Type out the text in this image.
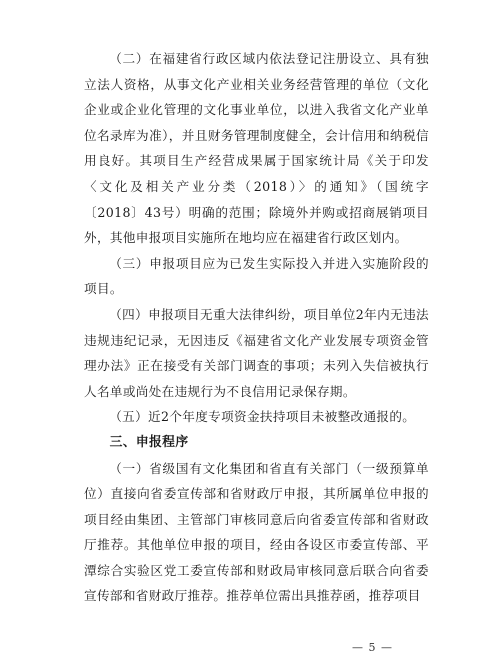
（二）在福建省行政区域内依法登记注册设立、具有独立法人资格，从事文化产业相关业务经营管理的单位（文化企业或企业化管理的文化事业单位，以进入我省文化产业单位名录库为准），并且财务管理制度健全，会计信用和纳税信用良好。其项目生产经营成果属于国家统计局《关于印发〈文化及相关产业分类（2018）〉的通知》（国统字〔2018〕43号）明确的范围；除境外并购或招商展销项目外，其他申报项目实施所在地均应在福建省行政区划内。

（三）申报项目应为已发生实际投入并进入实施阶段的项目。

（四）申报项目无重大法律纠纷，项目单位2年内无违法违规违纪记录，无因违反《福建省文化产业发展专项资金管理办法》正在接受有关部门调查的事项；未列入失信被执行人名单或尚处在违规行为不良信用记录保存期。

（五）近2个年度专项资金扶持项目未被整改通报的。

三、申报程序

（一）省级国有文化集团和省直有关部门（一级预算单位）直接向省委宣传部和省财政厅申报，其所属单位申报的项目经由集团、主管部门审核同意后向省委宣传部和省财政厅推荐。其他单位申报的项目，经由各设区市委宣传部、平潭综合实验区党工委宣传部和财政局审核同意后联合向省委宣传部和省财政厅推荐。推荐单位需出具推荐函，推荐项目

— 5 —
